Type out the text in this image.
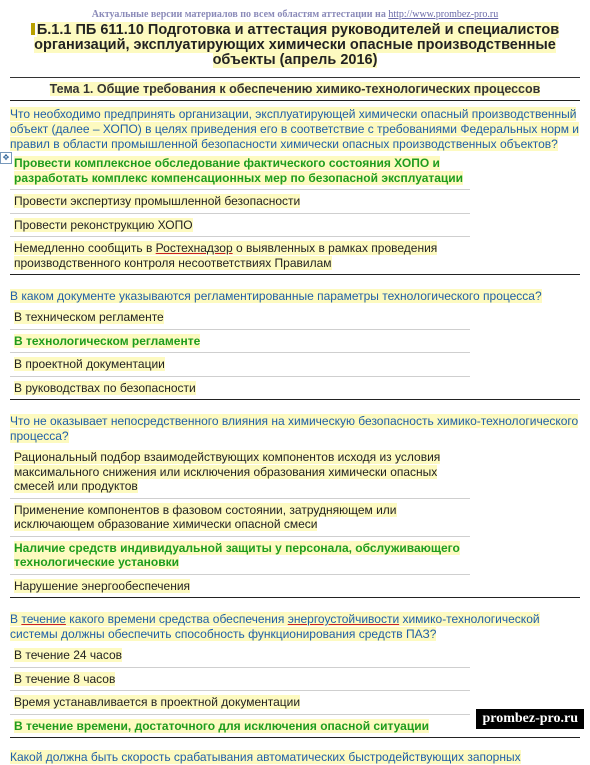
Актуальные версии материалов по всем областям аттестации на http://www.prombez-pro.ru
Б.1.1 ПБ 611.10 Подготовка и аттестация руководителей и специалистов организаций, эксплуатирующих химически опасные производственные объекты (апрель 2016)
Тема 1. Общие требования к обеспечению химико-технологических процессов
Что необходимо предпринять организации, эксплуатирующей химически опасный производственный объект (далее – ХОПО) в целях приведения его в соответствие с требованиями Федеральных норм и правил в области промышленной безопасности химически опасных производственных объектов?
✥ Провести комплексное обследование фактического состояния ХОПО и разработать комплекс компенсационных мер по безопасной эксплуатации
Провести экспертизу промышленной безопасности
Провести реконструкцию ХОПО
Немедленно сообщить в Ростехнадзор о выявленных в рамках проведения производственного контроля несоответствиях Правилам
В каком документе указываются регламентированные параметры технологического процесса?
В техническом регламенте
В технологическом регламенте
В проектной документации
В руководствах по безопасности
Что не оказывает непосредственного влияния на химическую безопасность химико-технологического процесса?
Рациональный подбор взаимодействующих компонентов исходя из условия максимального снижения или исключения образования химически опасных смесей или продуктов
Применение компонентов в фазовом состоянии, затрудняющем или исключающем образование химически опасной смеси
Наличие средств индивидуальной защиты у персонала, обслуживающего технологические установки
Нарушение энергообеспечения
В течение какого времени средства обеспечения энергоустойчивости химико-технологической системы должны обеспечить способность функционирования средств ПАЗ?
В течение 24 часов
В течение 8 часов
Время устанавливается в проектной документации
В течение времени, достаточного для исключения опасной ситуации
Какой должна быть скорость срабатывания автоматических быстродействующих запорных
prombez-pro.ru
